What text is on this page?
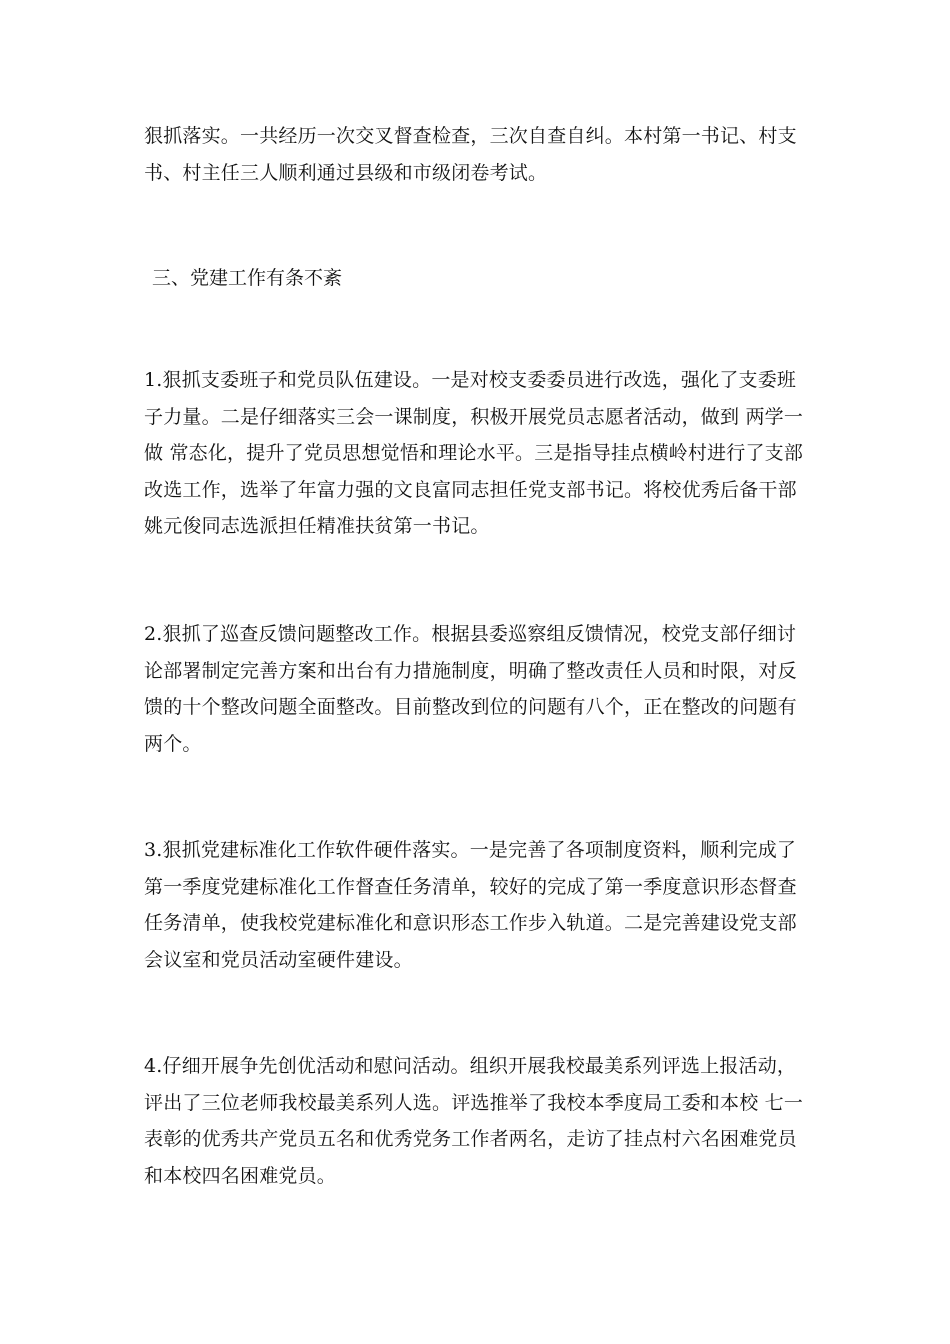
狠抓落实。一共经历一次交叉督查检查，三次自查自纠。本村第一书记、村支
书、村主任三人顺利通过县级和市级闭卷考试。

三、党建工作有条不紊

1.狠抓支委班子和党员队伍建设。一是对校支委委员进行改选，强化了支委班
子力量。二是仔细落实三会一课制度，积极开展党员志愿者活动，做到 两学一
做 常态化，提升了党员思想觉悟和理论水平。三是指导挂点横岭村进行了支部
改选工作，选举了年富力强的文良富同志担任党支部书记。将校优秀后备干部
姚元俊同志选派担任精准扶贫第一书记。

2.狠抓了巡查反馈问题整改工作。根据县委巡察组反馈情况，校党支部仔细讨
论部署制定完善方案和出台有力措施制度，明确了整改责任人员和时限，对反
馈的十个整改问题全面整改。目前整改到位的问题有八个，正在整改的问题有
两个。

3.狠抓党建标准化工作软件硬件落实。一是完善了各项制度资料，顺利完成了
第一季度党建标准化工作督查任务清单，较好的完成了第一季度意识形态督查
任务清单，使我校党建标准化和意识形态工作步入轨道。二是完善建设党支部
会议室和党员活动室硬件建设。

4.仔细开展争先创优活动和慰问活动。组织开展我校最美系列评选上报活动，
评出了三位老师我校最美系列人选。评选推举了我校本季度局工委和本校 七一
表彰的优秀共产党员五名和优秀党务工作者两名，走访了挂点村六名困难党员
和本校四名困难党员。
